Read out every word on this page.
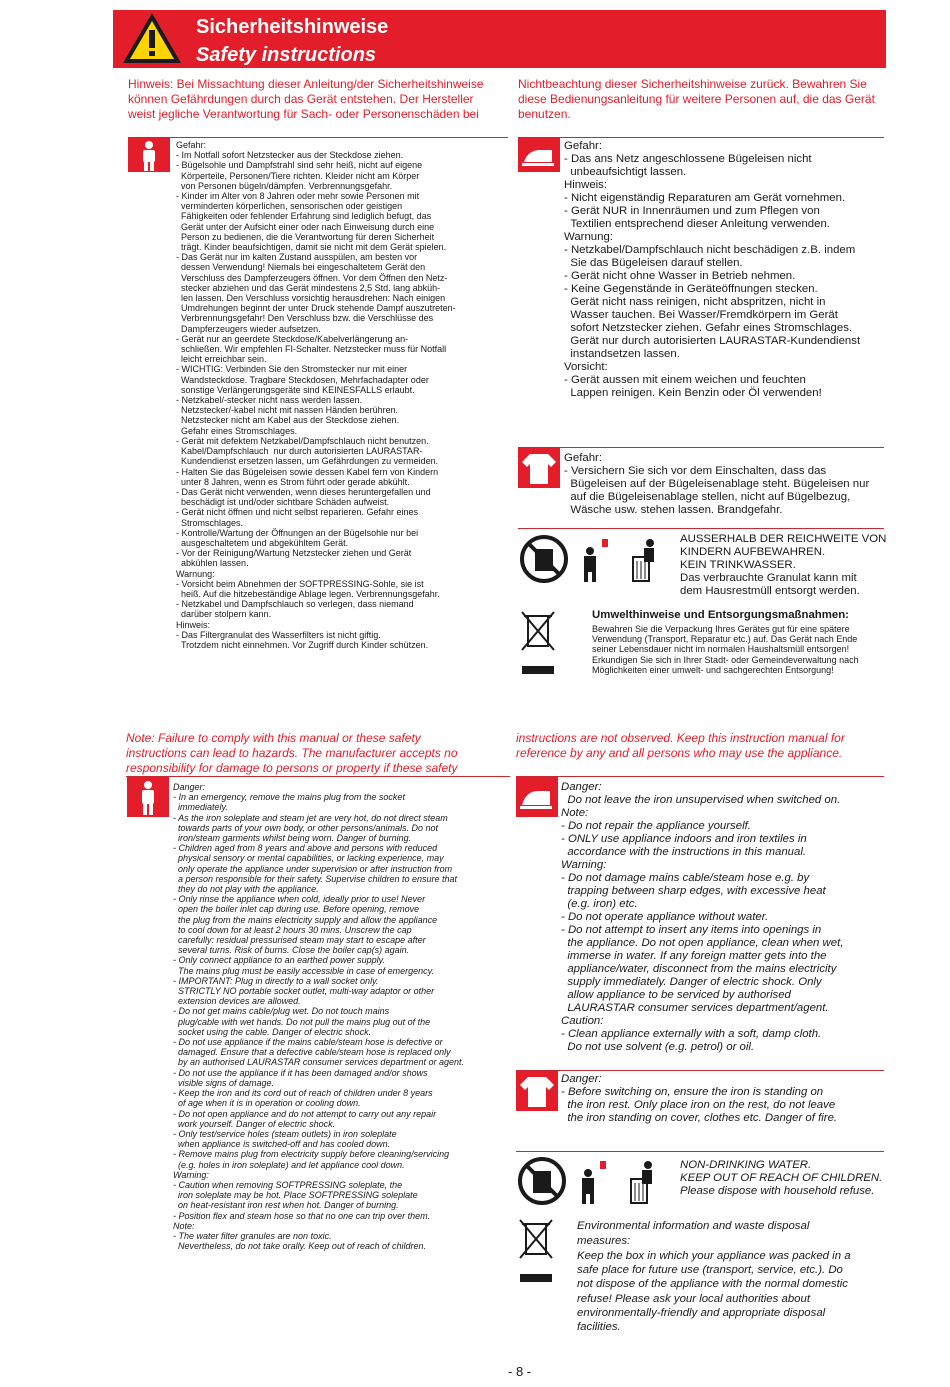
Sicherheitshinweise
Safety instructions

Hinweis: Bei Missachtung dieser Anleitung/der Sicherheitshinweise
können Gefährdungen durch das Gerät entstehen. Der Hersteller
weist jegliche Verantwortung für Sach- oder Personenschäden bei

Nichtbeachtung dieser Sicherheitshinweise zurück. Bewahren Sie
diese Bedienungsanleitung für weitere Personen auf, die das Gerät
benutzen.

Gefahr:
- Im Notfall sofort Netzstecker aus der Steckdose ziehen.
- Bügelsohle und Dampfstrahl sind sehr heiß, nicht auf eigene
Körperteile, Personen/Tiere richten. Kleider nicht am Körper
von Personen bügeln/dämpfen. Verbrennungsgefahr.
- Kinder im Alter von 8 Jahren oder mehr sowie Personen mit
verminderten körperlichen, sensorischen oder geistigen
Fähigkeiten oder fehlender Erfahrung sind lediglich befugt, das
Gerät unter der Aufsicht einer oder nach Einweisung durch eine
Person zu bedienen, die die Verantwortung für deren Sicherheit
trägt. Kinder beaufsichtigen, damit sie nicht mit dem Gerät spielen.
- Das Gerät nur im kalten Zustand ausspülen, am besten vor
dessen Verwendung! Niemals bei eingeschaltetem Gerät den
Verschluss des Dampferzeugers öffnen. Vor dem Öffnen den Netz-
stecker abziehen und das Gerät mindestens 2,5 Std. lang abküh-
len lassen. Den Verschluss vorsichtig herausdrehen: Nach einigen
Umdrehungen beginnt der unter Druck stehende Dampf auszutreten-
Verbrennungsgefahr! Den Verschluss bzw. die Verschlüsse des
Dampferzeugers wieder aufsetzen.
- Gerät nur an geerdete Steckdose/Kabelverlängerung an-
schließen. Wir empfehlen FI-Schalter. Netzstecker muss für Notfall
leicht erreichbar sein.
- WICHTIG: Verbinden Sie den Stromstecker nur mit einer
Wandsteckdose. Tragbare Steckdosen, Mehrfachadapter oder
sonstige Verlängerungsgeräte sind KEINESFALLS erlaubt.
- Netzkabel/-stecker nicht nass werden lassen.
Netzstecker/-kabel nicht mit nassen Händen berühren.
Netzstecker nicht am Kabel aus der Steckdose ziehen.
Gefahr eines Stromschlages.
- Gerät mit defektem Netzkabel/Dampfschlauch nicht benutzen.
Kabel/Dampfschlauch  nur durch autorisierten LAURASTAR-
Kundendienst ersetzen lassen, um Gefährdungen zu vermeiden.
- Halten Sie das Bügeleisen sowie dessen Kabel fern von Kindern
unter 8 Jahren, wenn es Strom führt oder gerade abkühlt.
- Das Gerät nicht verwenden, wenn dieses heruntergefallen und
beschädigt ist und/oder sichtbare Schäden aufweist.
- Gerät nicht öffnen und nicht selbst reparieren. Gefahr eines
Stromschlages.
- Kontrolle/Wartung der Öffnungen an der Bügelsohle nur bei
ausgeschaltetem und abgekühltem Gerät.
- Vor der Reinigung/Wartung Netzstecker ziehen und Gerät
abkühlen lassen.
Warnung:
- Vorsicht beim Abnehmen der SOFTPRESSING-Sohle, sie ist
heiß. Auf die hitzebeständige Ablage legen. Verbrennungsgefahr.
- Netzkabel und Dampfschlauch so verlegen, dass niemand
darüber stolpern kann.
Hinweis:
- Das Filtergranulat des Wasserfilters ist nicht giftig.
Trotzdem nicht einnehmen. Vor Zugriff durch Kinder schützen.

Gefahr:
- Das ans Netz angeschlossene Bügeleisen nicht
unbeaufsichtigt lassen.
Hinweis:
- Nicht eigenständig Reparaturen am Gerät vornehmen.
- Gerät NUR in Innenräumen und zum Pflegen von
Textilien entsprechend dieser Anleitung verwenden.
Warnung:
- Netzkabel/Dampfschlauch nicht beschädigen z.B. indem
Sie das Bügeleisen darauf stellen.
- Gerät nicht ohne Wasser in Betrieb nehmen.
- Keine Gegenstände in Geräteöffnungen stecken.
Gerät nicht nass reinigen, nicht abspritzen, nicht in
Wasser tauchen. Bei Wasser/Fremdkörpern im Gerät
sofort Netzstecker ziehen. Gefahr eines Stromschlages.
Gerät nur durch autorisierten LAURASTAR-Kundendienst
instandsetzen lassen.
Vorsicht:
- Gerät aussen mit einem weichen und feuchten
Lappen reinigen. Kein Benzin oder Öl verwenden!

Gefahr:
- Versichern Sie sich vor dem Einschalten, dass das
Bügeleisen auf der Bügeleisenablage steht. Bügeleisen nur
auf die Bügeleisenablage stellen, nicht auf Bügelbezug,
Wäsche usw. stehen lassen. Brandgefahr.

AUSSERHALB DER REICHWEITE VON
KINDERN AUFBEWAHREN.
KEIN TRINKWASSER.
Das verbrauchte Granulat kann mit
dem Hausrestmüll entsorgt werden.

Umwelthinweise und Entsorgungsmaßnahmen:

Bewahren Sie die Verpackung Ihres Gerätes gut für eine spätere
Verwendung (Transport, Reparatur etc.) auf. Das Gerät nach Ende
seiner Lebensdauer nicht im normalen Haushaltsmüll entsorgen!
Erkundigen Sie sich in Ihrer Stadt- oder Gemeindeverwaltung nach
Möglichkeiten einer umwelt- und sachgerechten Entsorgung!

Note: Failure to comply with this manual or these safety
instructions can lead to hazards. The manufacturer accepts no
responsibility for damage to persons or property if these safety

instructions are not observed. Keep this instruction manual for
reference by any and all persons who may use the appliance.

Danger:
- In an emergency, remove the mains plug from the socket
immediately.
- As the iron soleplate and steam jet are very hot, do not direct steam
towards parts of your own body, or other persons/animals. Do not
iron/steam garments whilst being worn. Danger of burning.
- Children aged from 8 years and above and persons with reduced
physical sensory or mental capabilities, or lacking experience, may
only operate the appliance under supervision or after instruction from
a person responsible for their safety. Supervise children to ensure that
they do not play with the appliance.
- Only rinse the appliance when cold, ideally prior to use! Never
open the boiler inlet cap during use. Before opening, remove
the plug from the mains electricity supply and allow the appliance
to cool down for at least 2 hours 30 mins. Unscrew the cap
carefully: residual pressurised steam may start to escape after
several turns. Risk of burns. Close the boiler cap(s) again.
- Only connect appliance to an earthed power supply.
The mains plug must be easily accessible in case of emergency.
- IMPORTANT: Plug in directly to a wall socket only.
STRICTLY NO portable socket outlet, multi-way adaptor or other
extension devices are allowed.
- Do not get mains cable/plug wet. Do not touch mains
plug/cable with wet hands. Do not pull the mains plug out of the
socket using the cable. Danger of electric shock.
- Do not use appliance if the mains cable/steam hose is defective or
damaged. Ensure that a defective cable/steam hose is replaced only
by an authorised LAURASTAR consumer services department or agent.
- Do not use the appliance if it has been damaged and/or shows
visible signs of damage.
- Keep the iron and its cord out of reach of children under 8 years
of age when it is in operation or cooling down.
- Do not open appliance and do not attempt to carry out any repair
work yourself. Danger of electric shock.
- Only test/service holes (steam outlets) in iron soleplate
when appliance is switched-off and has cooled down.
- Remove mains plug from electricity supply before cleaning/servicing
(e.g. holes in iron soleplate) and let appliance cool down.
Warning:
- Caution when removing SOFTPRESSING soleplate, the
iron soleplate may be hot. Place SOFTPRESSING soleplate
on heat-resistant iron rest when hot. Danger of burning.
- Position flex and steam hose so that no one can trip over them.
Note:
- The water filter granules are non toxic.
Nevertheless, do not take orally. Keep out of reach of children.

Danger:
Do not leave the iron unsupervised when switched on.
Note:
- Do not repair the appliance yourself.
- ONLY use appliance indoors and iron textiles in
accordance with the instructions in this manual.
Warning:
- Do not damage mains cable/steam hose e.g. by
trapping between sharp edges, with excessive heat
(e.g. iron) etc.
- Do not operate appliance without water.
- Do not attempt to insert any items into openings in
the appliance. Do not open appliance, clean when wet,
immerse in water. If any foreign matter gets into the
appliance/water, disconnect from the mains electricity
supply immediately. Danger of electric shock. Only
allow appliance to be serviced by authorised
LAURASTAR consumer services department/agent.
Caution:
- Clean appliance externally with a soft, damp cloth.
Do not use solvent (e.g. petrol) or oil.

Danger:
- Before switching on, ensure the iron is standing on
the iron rest. Only place iron on the rest, do not leave
the iron standing on cover, clothes etc. Danger of fire.

NON-DRINKING WATER.
KEEP OUT OF REACH OF CHILDREN.
Please dispose with household refuse.

Environmental information and waste disposal
measures:

Keep the box in which your appliance was packed in a
safe place for future use (transport, service, etc.). Do
not dispose of the appliance with the normal domestic
refuse! Please ask your local authorities about
environmentally-friendly and appropriate disposal
facilities.

- 8 -
